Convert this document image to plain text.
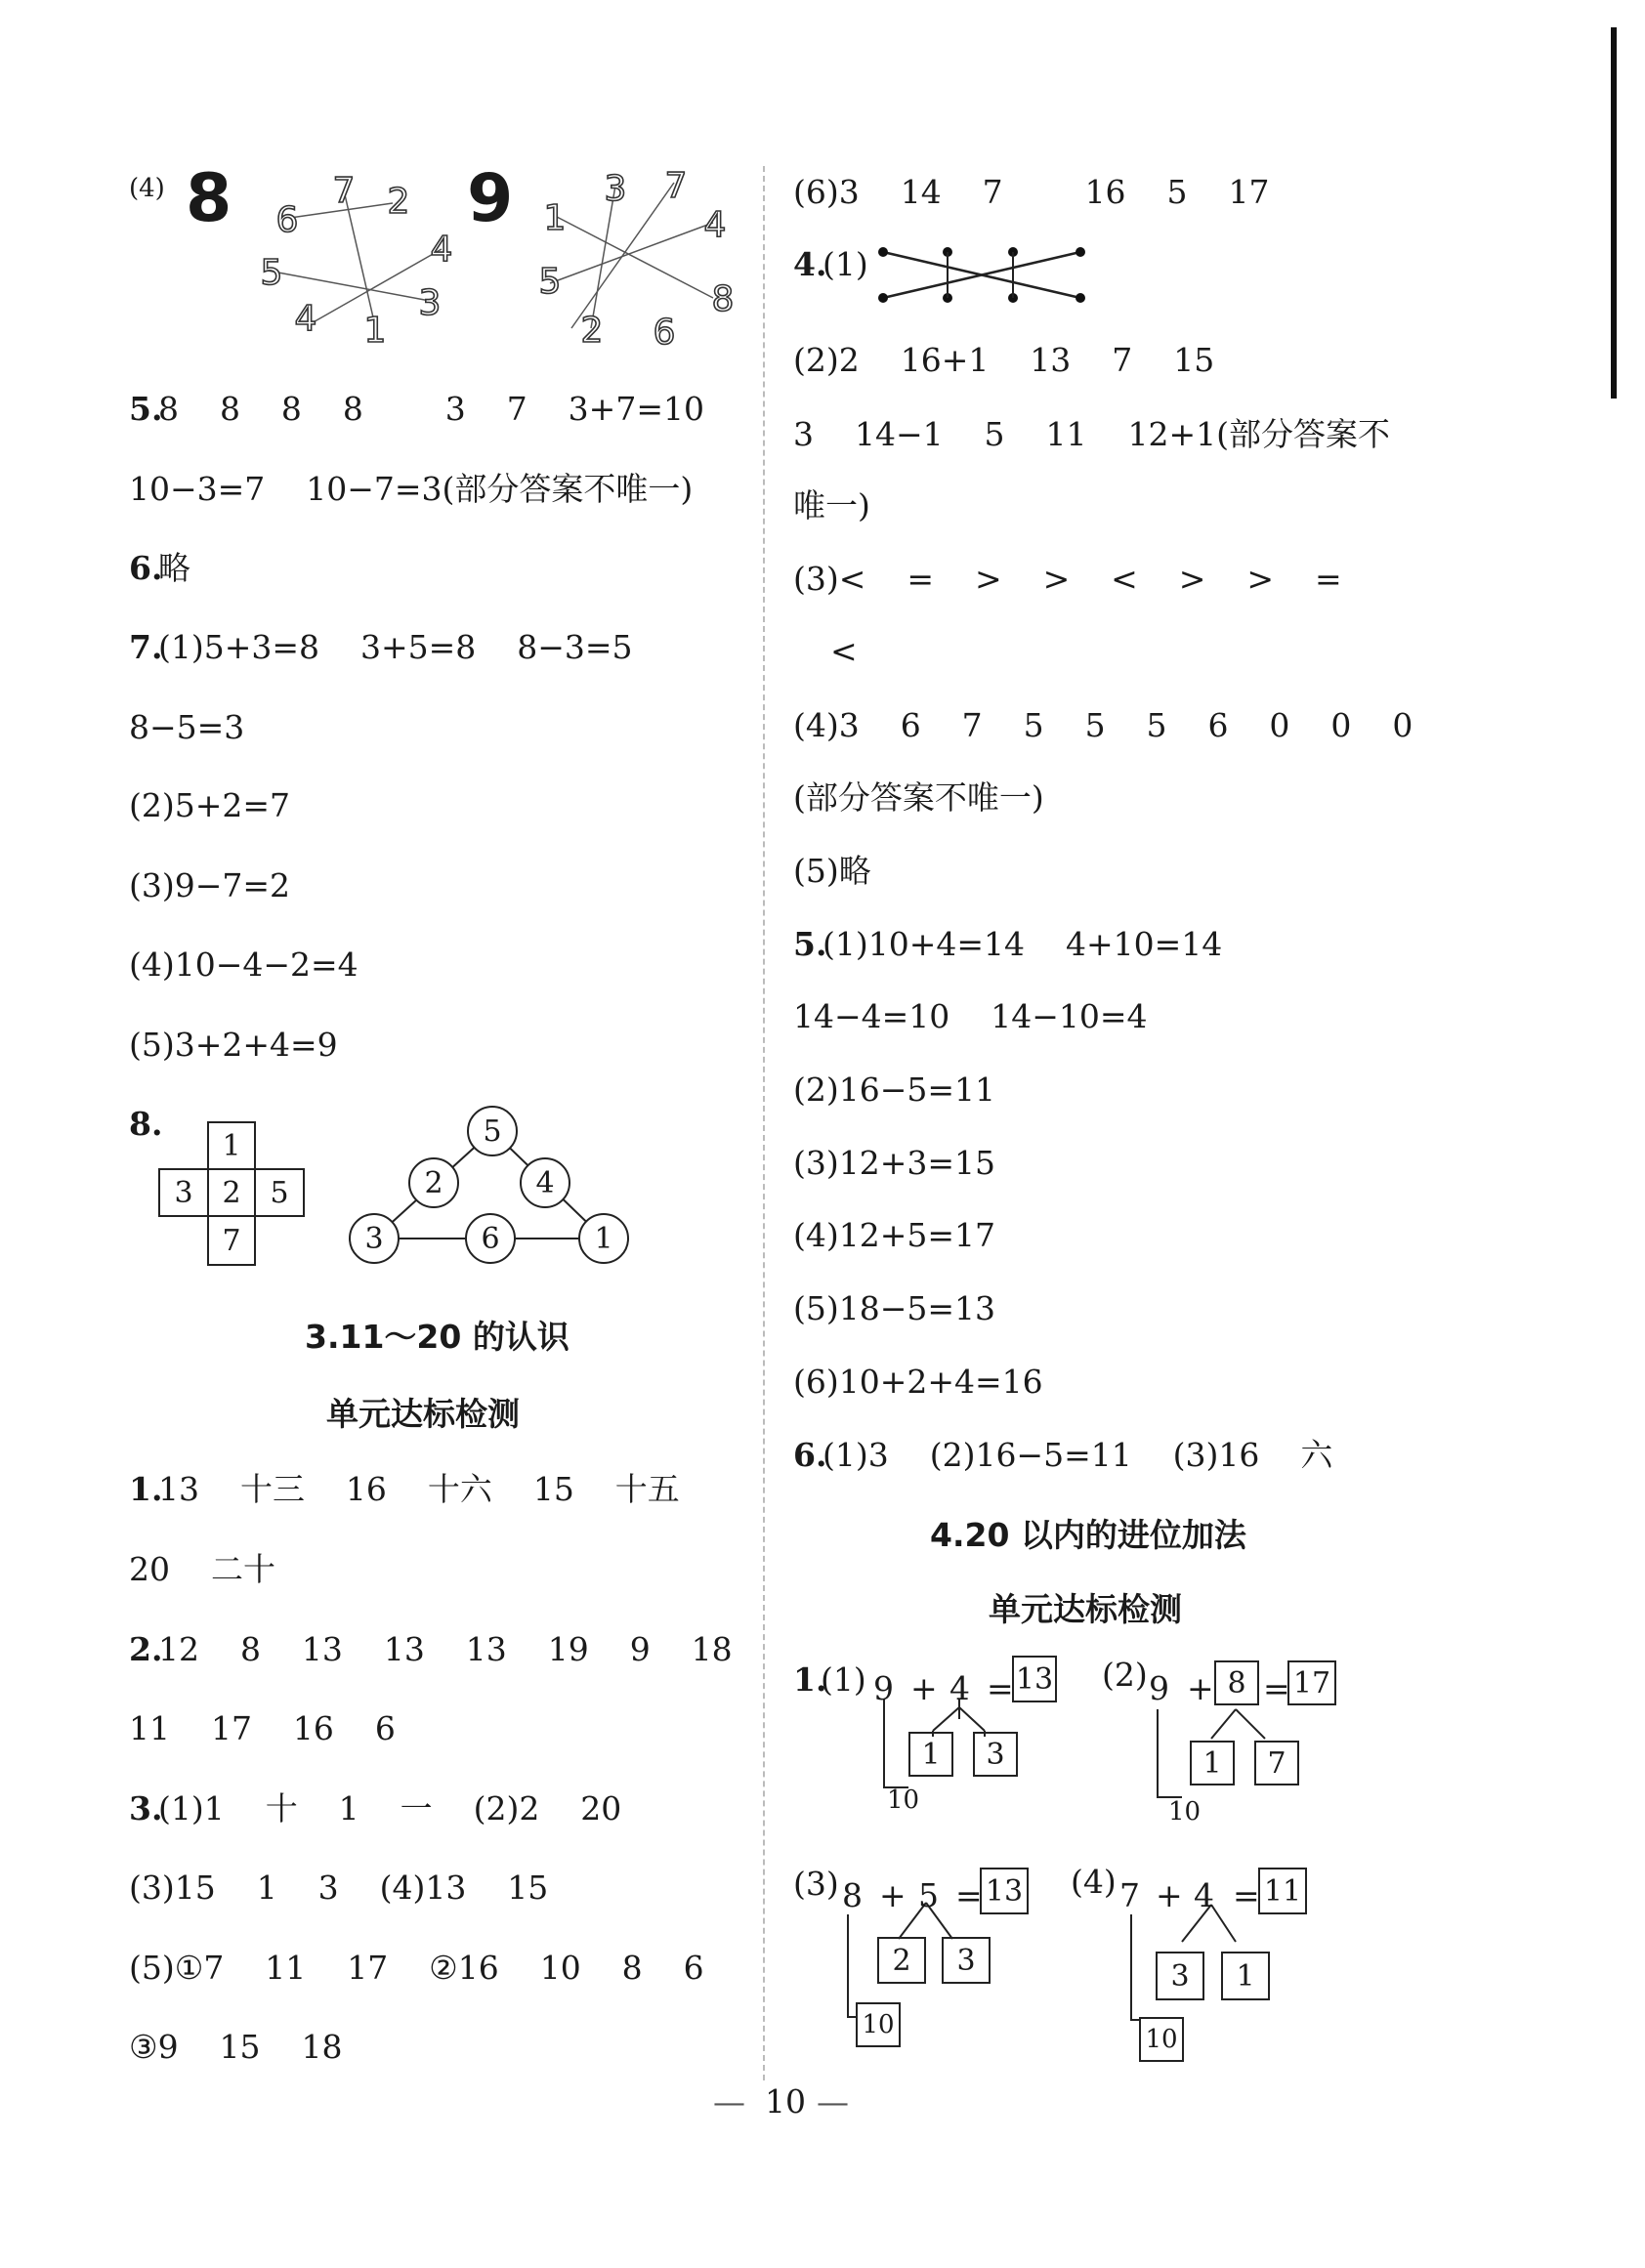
(4) 8	9
7 2
6
4
5
3
4 1
3 7
1	4
5	8
2 6
5.
8    8    8    8        3    7    3+7=10
10−3=7    10−7=3(部分答案不唯一)
6.
略
7.
(1)5+3=8    3+5=8    8−3=5
8−5=3
(2)5+2=7
(3)9−7=2
(4)10−4−2=4
(5)3+2+4=9
8.
1
3 2 5
7
5
2	4
3	6	1
3.11～20 的认识
单元达标检测
1.
13    十三    16    十六    15    十五
20    二十
2.
12    8    13    13    13    19    9    18
11    17    16    6
3.
(1)1    十    1    一    (2)2    20
(3)15    1    3    (4)13    15
(5)①7    11    17    ②16    10    8    6
③9    15    18
(6)3    14    7        16    5    17
4.
(1)
(2)2    16+1    13    7    15
3    14−1    5    11    12+1(部分答案不
唯一)
(3)<    =    >    >    <    >    >    =
<
(4)3    6    7    5    5    5    6    0    0    0
(部分答案不唯一)
(5)略
5.
(1)10+4=14    4+10=14
14−4=10    14−10=4
(2)16−5=11
(3)12+3=15
(4)12+5=17
(5)18−5=13
(6)10+2+4=16
6.
(1)3    (2)16−5=11    (3)16    六
4.20 以内的进位加法
单元达标检测
1.
(1) 9 + 4 = 13
1	3
10
(2) 9 + 8 = 17
1	7
10
(3) 8 + 5 = 13
2	3
10
(4) 7 + 4 = 11
3	1
10
— 10 —
